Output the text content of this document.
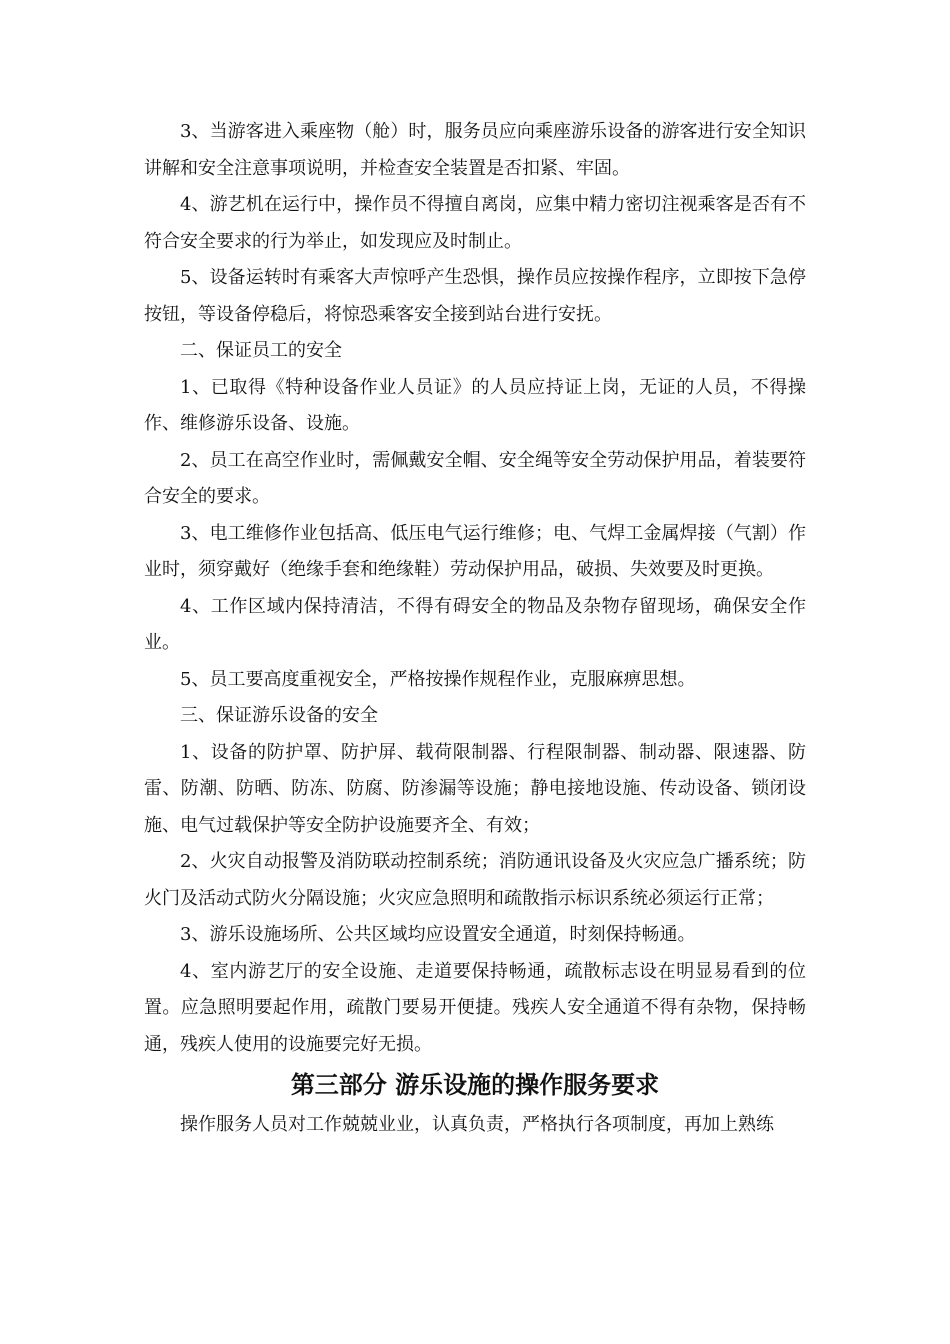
3、当游客进入乘座物（舱）时，服务员应向乘座游乐设备的游客进行安全知识讲解和安全注意事项说明，并检查安全装置是否扣紧、牢固。

4、游艺机在运行中，操作员不得擅自离岗，应集中精力密切注视乘客是否有不符合安全要求的行为举止，如发现应及时制止。

5、设备运转时有乘客大声惊呼产生恐惧，操作员应按操作程序，立即按下急停按钮，等设备停稳后，将惊恐乘客安全接到站台进行安抚。

二、保证员工的安全

1、已取得《特种设备作业人员证》的人员应持证上岗，无证的人员，不得操作、维修游乐设备、设施。

2、员工在高空作业时，需佩戴安全帽、安全绳等安全劳动保护用品，着装要符合安全的要求。

3、电工维修作业包括高、低压电气运行维修；电、气焊工金属焊接（气割）作业时，须穿戴好（绝缘手套和绝缘鞋）劳动保护用品，破损、失效要及时更换。

4、工作区域内保持清洁，不得有碍安全的物品及杂物存留现场，确保安全作业。

5、员工要高度重视安全，严格按操作规程作业，克服麻痹思想。

三、保证游乐设备的安全

1、设备的防护罩、防护屏、载荷限制器、行程限制器、制动器、限速器、防雷、防潮、防晒、防冻、防腐、防渗漏等设施；静电接地设施、传动设备、锁闭设施、电气过载保护等安全防护设施要齐全、有效；

2、火灾自动报警及消防联动控制系统；消防通讯设备及火灾应急广播系统；防火门及活动式防火分隔设施；火灾应急照明和疏散指示标识系统必须运行正常；

3、游乐设施场所、公共区域均应设置安全通道，时刻保持畅通。

4、室内游艺厅的安全设施、走道要保持畅通，疏散标志设在明显易看到的位置。应急照明要起作用，疏散门要易开便捷。残疾人安全通道不得有杂物，保持畅通，残疾人使用的设施要完好无损。

第三部分 游乐设施的操作服务要求

操作服务人员对工作兢兢业业，认真负责，严格执行各项制度，再加上熟练
